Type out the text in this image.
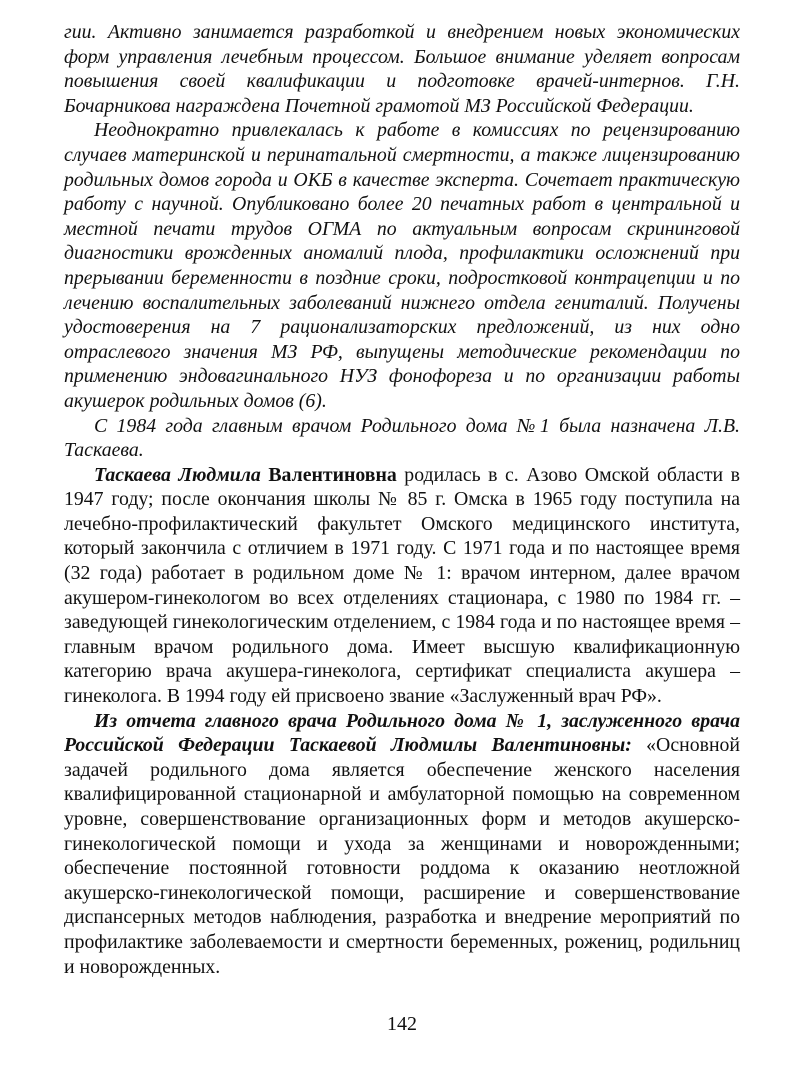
гии. Активно занимается разработкой и внедрением новых экономических форм управления лечебным процессом. Большое внимание уделяет вопросам повышения своей квалификации и подготовке врачей-интернов. Г.Н. Бочарникова награждена Почетной грамотой МЗ Российской Федерации.

Неоднократно привлекалась к работе в комиссиях по рецензированию случаев материнской и перинатальной смертности, а также лицензированию родильных домов города и ОКБ в качестве эксперта. Сочетает практическую работу с научной. Опубликовано более 20 печатных работ в центральной и местной печати трудов ОГМА по актуальным вопросам скрининговой диагностики врожденных аномалий плода, профилактики осложнений при прерывании беременности в поздние сроки, подростковой контрацепции и по лечению воспалительных заболеваний нижнего отдела гениталий. Получены удостоверения на 7 рационализаторских предложений, из них одно отраслевого значения МЗ РФ, выпущены методические рекомендации по применению эндовагинального НУЗ фонофореза и по организации работы акушерок родильных домов (6).

С 1984 года главным врачом Родильного дома №1 была назначена Л.В. Таскаева.

Таскаева Людмила Валентиновна родилась в с. Азово Омской области в 1947 году; после окончания школы № 85 г. Омска в 1965 году поступила на лечебно-профилактический факультет Омского медицинского института, который закончила с отличием в 1971 году. С 1971 года и по настоящее время (32 года) работает в родильном доме № 1: врачом интерном, далее врачом акушером-гинекологом во всех отделениях стационара, с 1980 по 1984 гг. – заведующей гинекологическим отделением, с 1984 года и по настоящее время – главным врачом родильного дома. Имеет высшую квалификационную категорию врача акушера-гинеколога, сертификат специалиста акушера – гинеколога. В 1994 году ей присвоено звание «Заслуженный врач РФ».

Из отчета главного врача Родильного дома № 1, заслуженного врача Российской Федерации Таскаевой Людмилы Валентиновны: «Основной задачей родильного дома является обеспечение женского населения квалифицированной стационарной и амбулаторной помощью на современном уровне, совершенствование организационных форм и методов акушерско-гинекологической помощи и ухода за женщинами и новорожденными; обеспечение постоянной готовности роддома к оказанию неотложной акушерско-гинекологической помощи, расширение и совершенствование диспансерных методов наблюдения, разработка и внедрение мероприятий по профилактике заболеваемости и смертности беременных, рожениц, родильниц и новорожденных.

142
